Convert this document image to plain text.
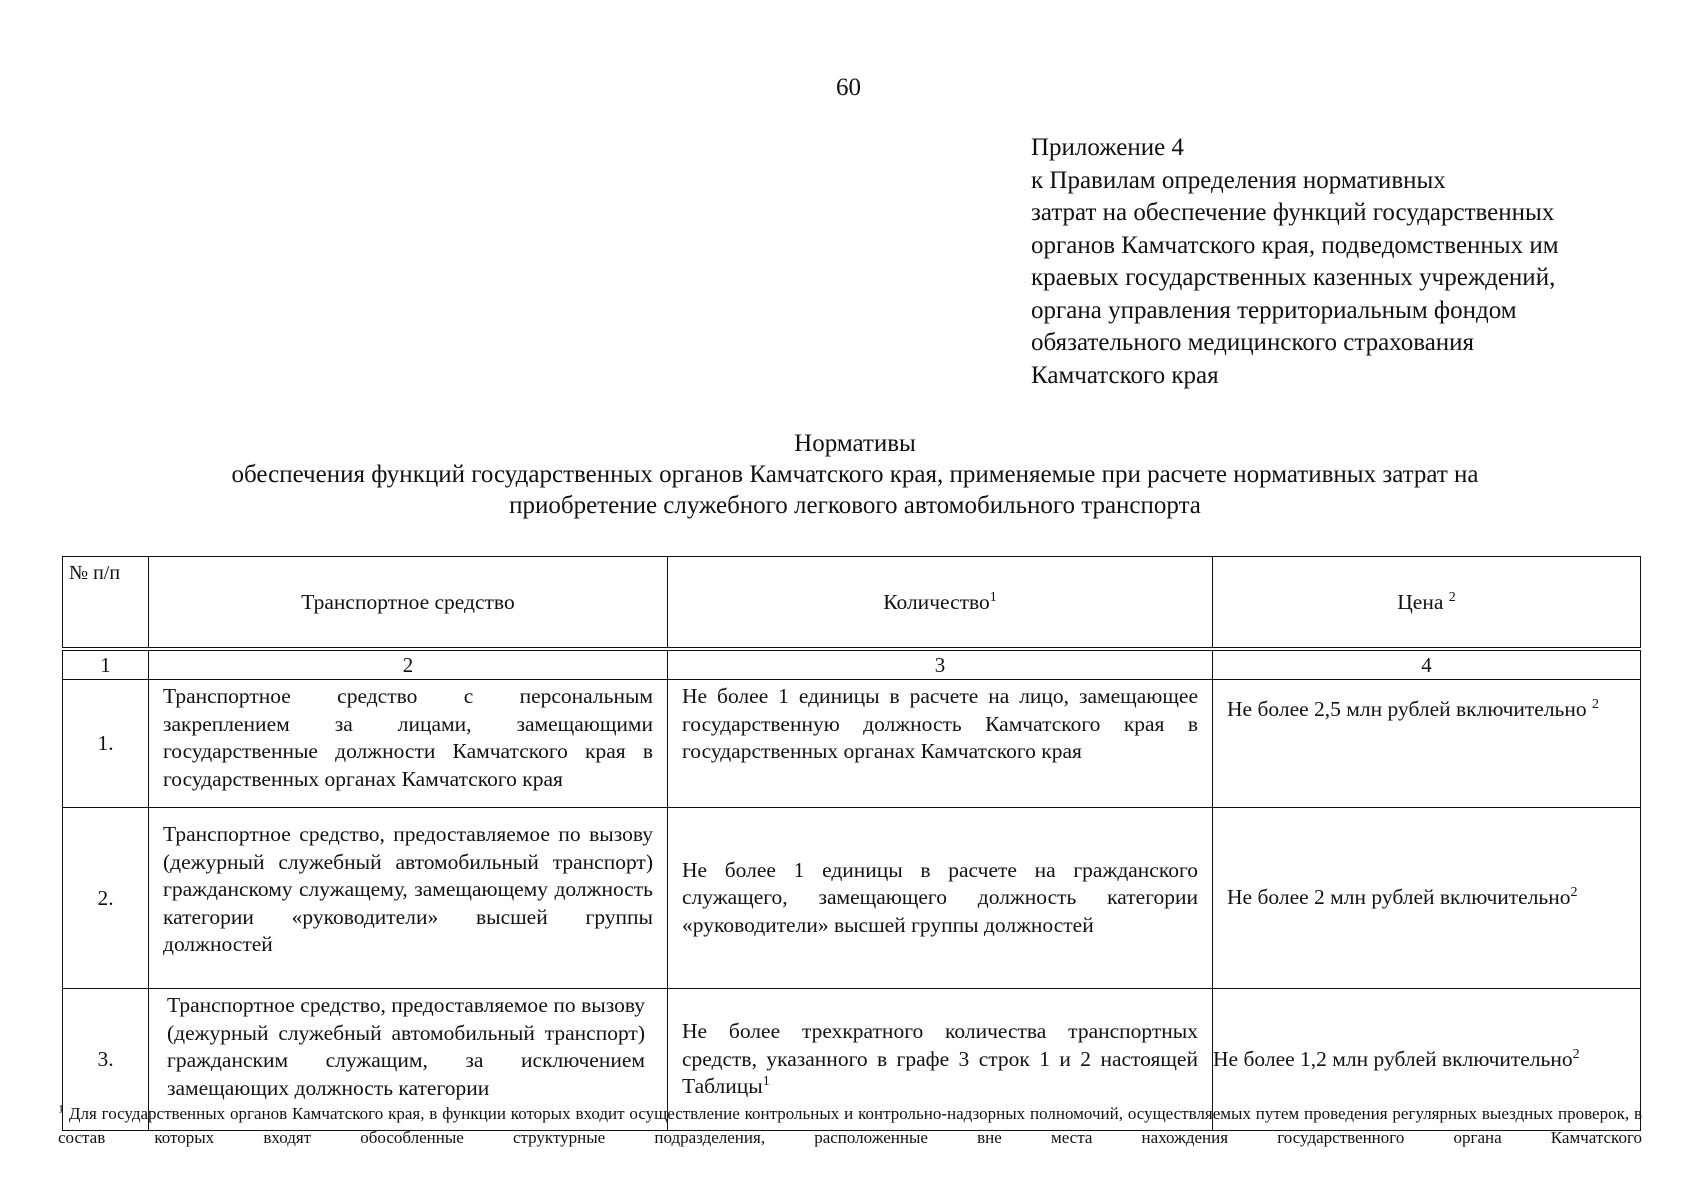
60
Приложение 4
к Правилам определения нормативных
затрат на обеспечение функций государственных
органов Камчатского края, подведомственных им
краевых государственных казенных учреждений,
органа управления территориальным фондом
обязательного медицинского страхования
Камчатского края
Нормативы
обеспечения функций государственных органов Камчатского края, применяемые при расчете нормативных затрат на
приобретение служебного легкового автомобильного транспорта
№ п/п	Транспортное средство	Количество$^1$	Цена $^2$
1	2	3	4
1.	Транспортное средство с персональным закреплением за лицами, замещающими государственные должности Камчатского края в государственных органах Камчатского края	Не более 1 единицы в расчете на лицо, замещающее государственную должность Камчатского края в государственных органах Камчатского края	Не более 2,5 млн рублей включительно $^2$
2.	Транспортное средство, предоставляемое по вызову (дежурный служебный автомобильный транспорт) гражданскому служащему, замещающему должность категории «руководители» высшей группы должностей	Не более 1 единицы в расчете на гражданского служащего, замещающего должность категории «руководители» высшей группы должностей	Не более 2 млн рублей включительно$^2$
3.	Транспортное средство, предоставляемое по вызову (дежурный служебный автомобильный транспорт) гражданским служащим, за исключением замещающих должность категории	Не более трехкратного количества транспортных средств, указанного в графе 3 строк 1 и 2 настоящей Таблицы$^1$	Не более 1,2 млн рублей включительно$^2$
$^1$ Для государственных органов Камчатского края, в функции которых входит осуществление контрольных и контрольно-надзорных полномочий, осуществляемых путем проведения регулярных выездных проверок, в состав которых входят обособленные структурные подразделения, расположенные вне места нахождения государственного органа Камчатского
